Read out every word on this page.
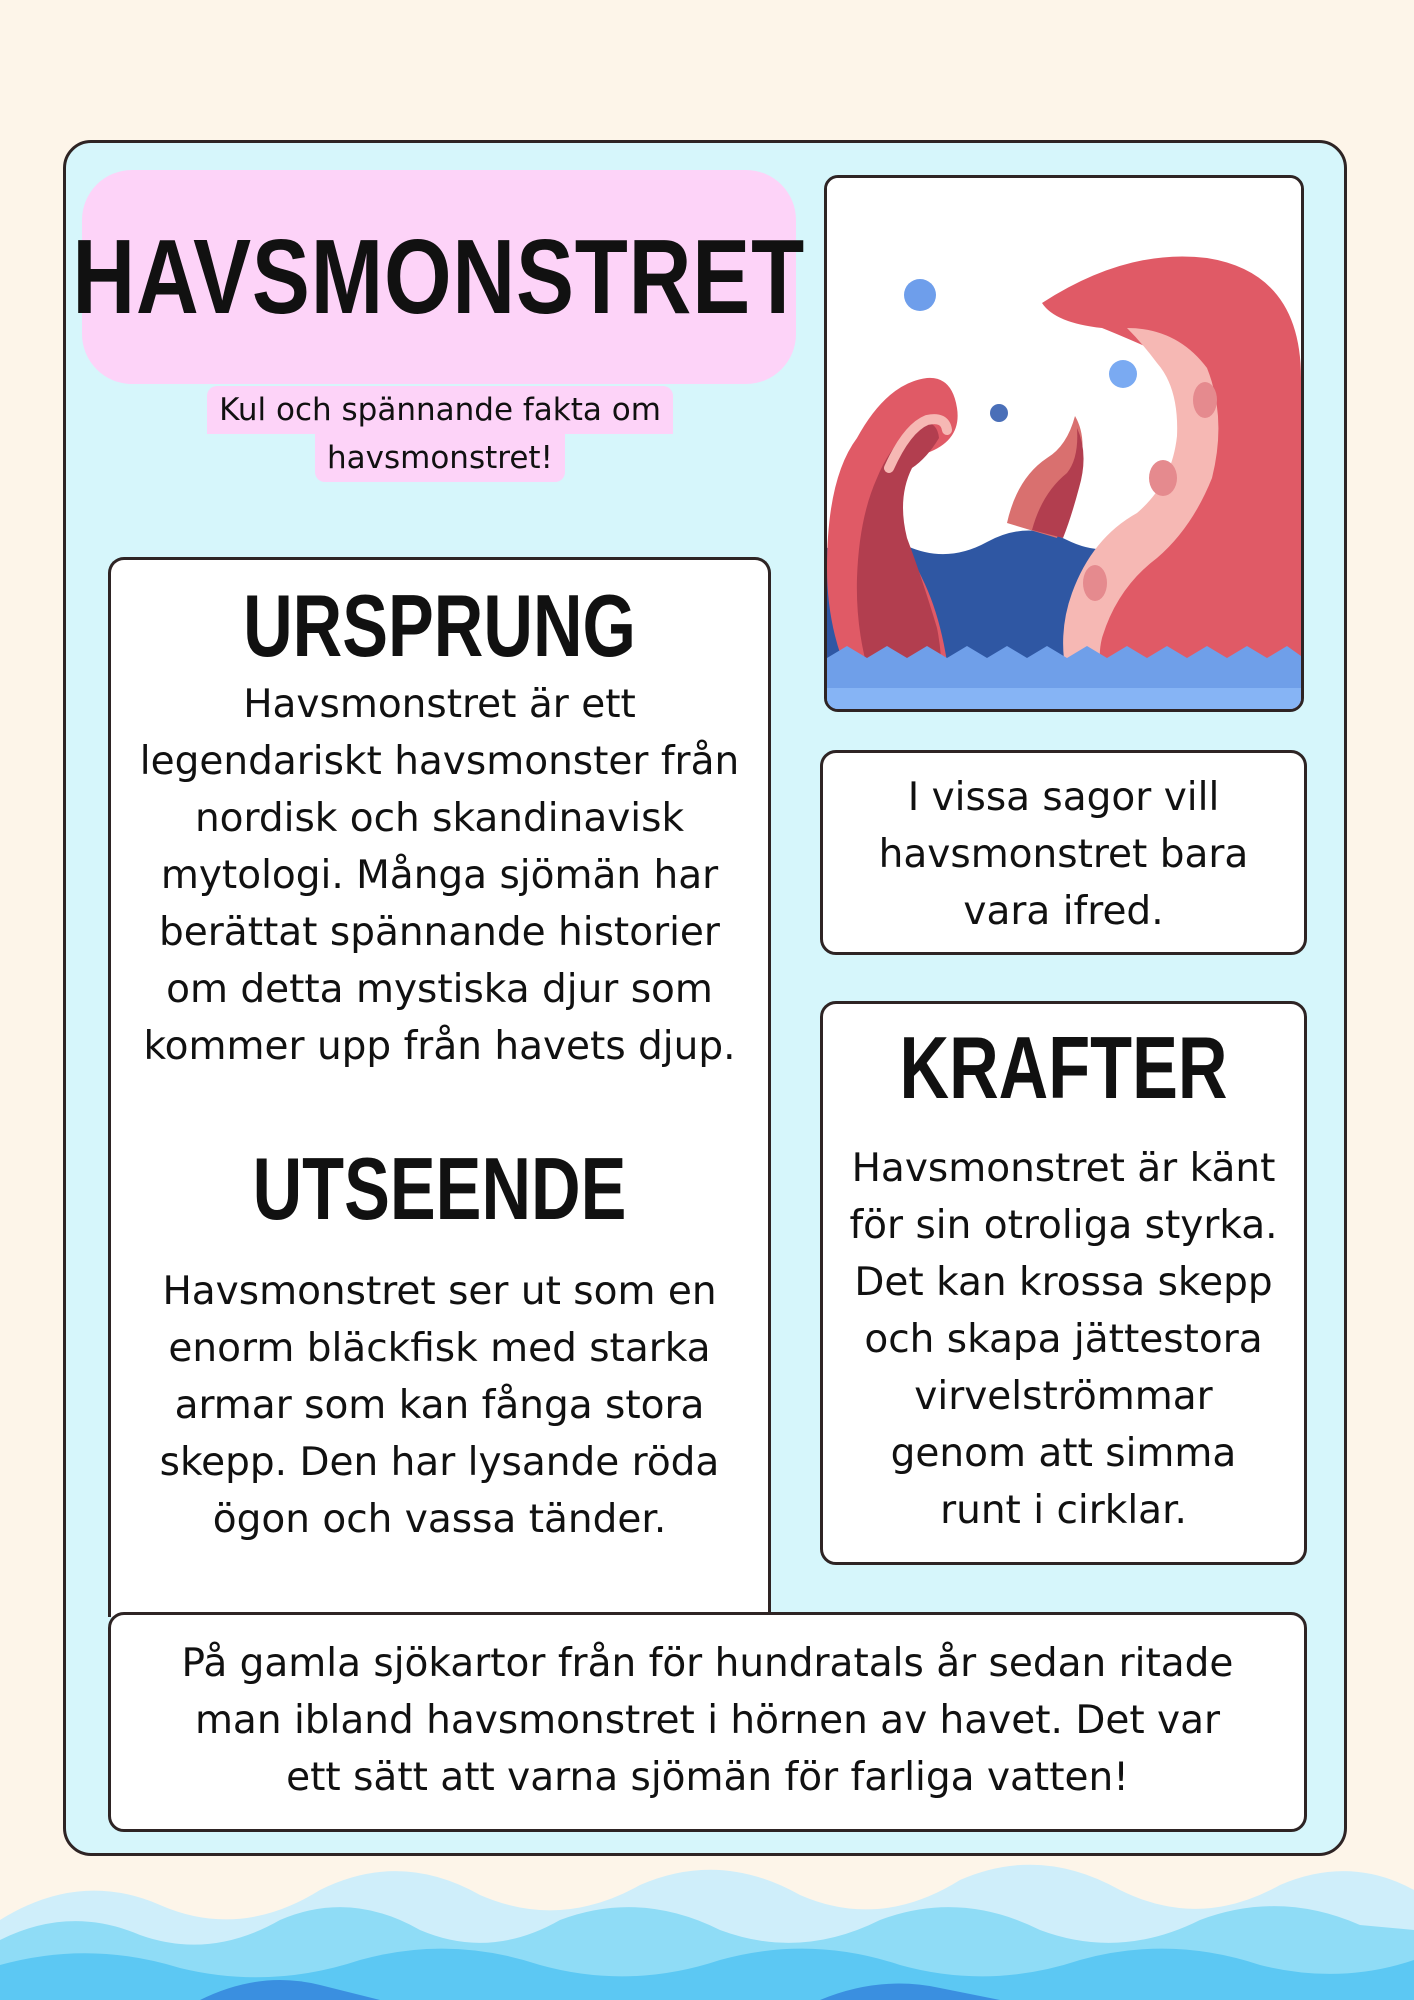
HAVSMONSTRET
Kul och spännande fakta om
havsmonstret!
URSPRUNG

Havsmonstret är ett

legendariskt havsmonster från

nordisk och skandinavisk

mytologi. Många sjömän har

berättat spännande historier

om detta mystiska djur som

kommer upp från havets djup.

UTSEENDE

Havsmonstret ser ut som en

enorm bläckfisk med starka

armar som kan fånga stora

skepp. Den har lysande röda

ögon och vassa tänder.

I vissa sagor vill

havsmonstret bara

vara ifred.

KRAFTER

Havsmonstret är känt

för sin otroliga styrka.

Det kan krossa skepp

och skapa jättestora

virvelströmmar

genom att simma

runt i cirklar.

På gamla sjökartor från för hundratals år sedan ritade

man ibland havsmonstret i hörnen av havet. Det var

ett sätt att varna sjömän för farliga vatten!
